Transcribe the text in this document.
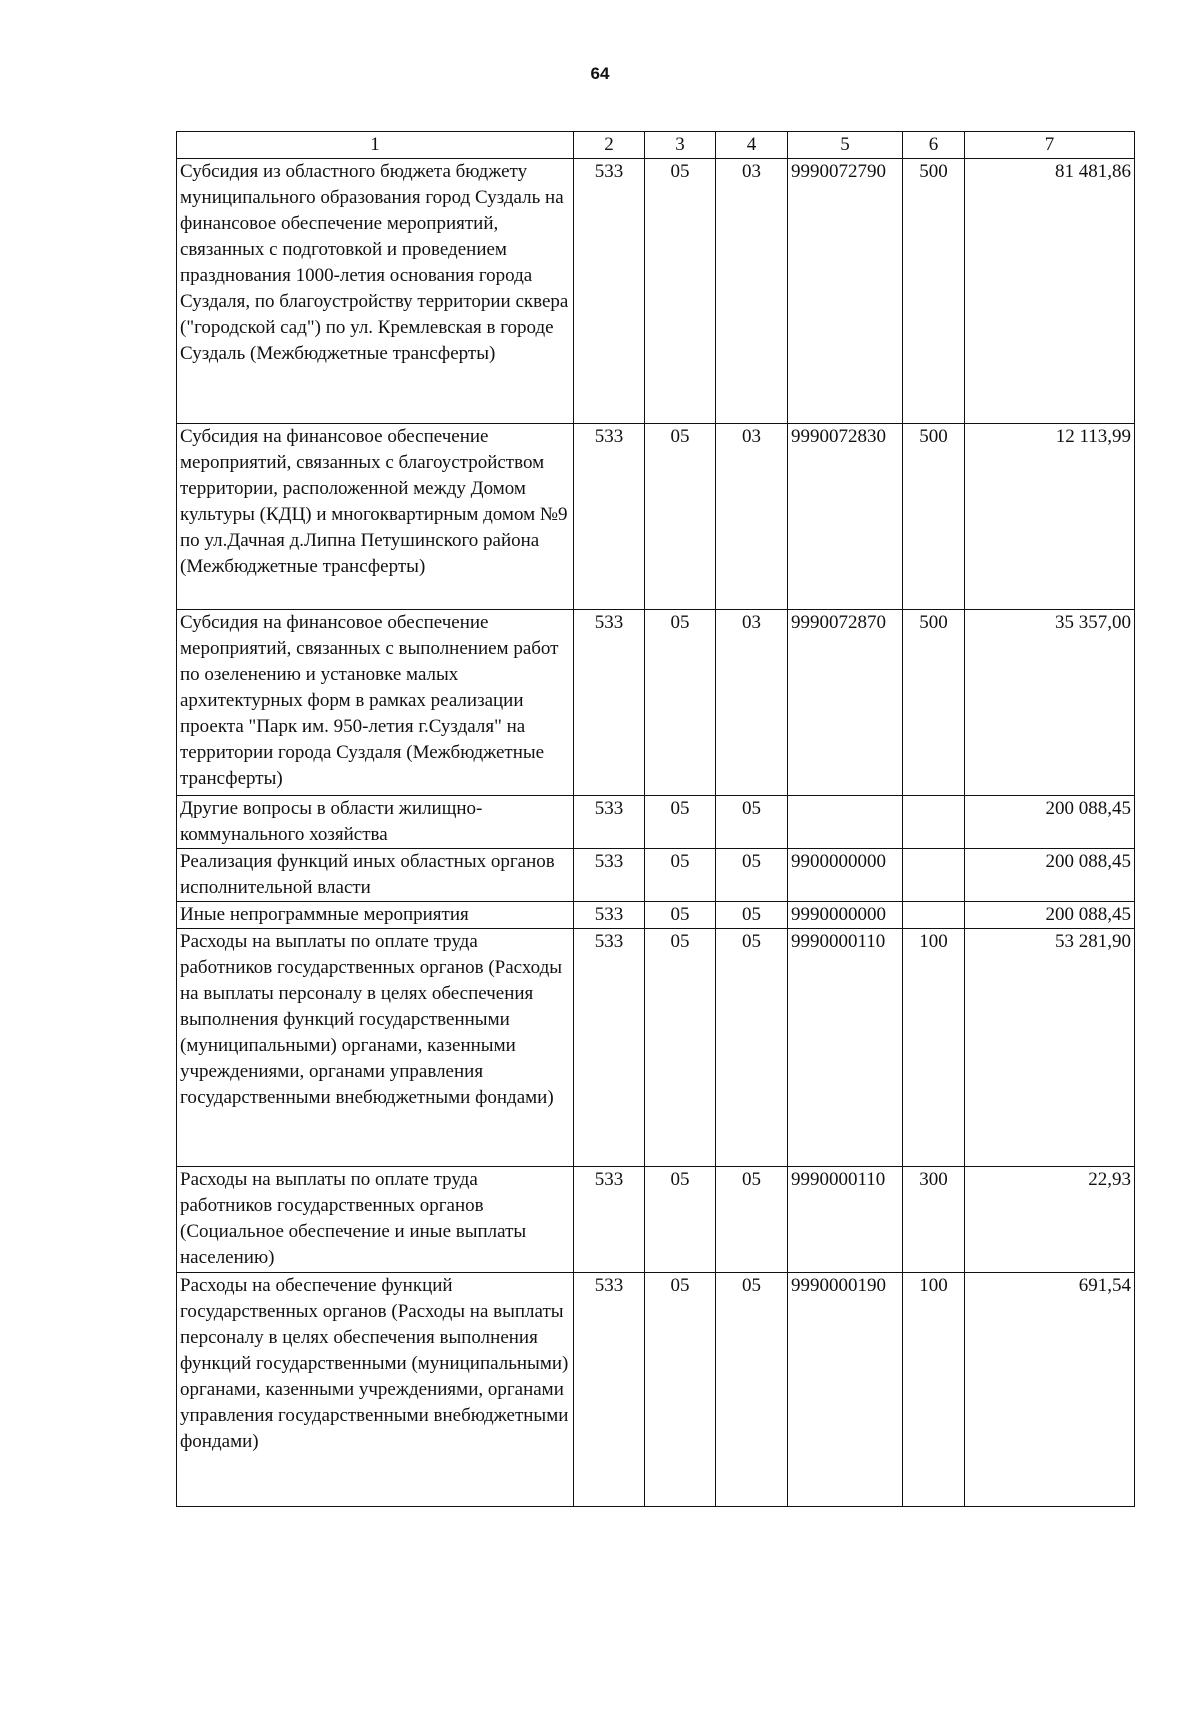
64
1	2	3	4	5	6	7
Субсидия из областного бюджета бюджету муниципального образования город Суздаль на финансовое обеспечение мероприятий, связанных с подготовкой и проведением празднования 1000-летия основания города Суздаля, по благоустройству территории сквера ("городской сад") по ул. Кремлевская в городе Суздаль (Межбюджетные трансферты)	533	05	03	9990072790	500	81 481,86
Субсидия на финансовое обеспечение мероприятий, связанных с благоустройством территории, расположенной между Домом культуры (КДЦ) и многоквартирным домом №9 по ул.Дачная д.Липна Петушинского района (Межбюджетные трансферты)	533	05	03	9990072830	500	12 113,99
Субсидия на финансовое обеспечение мероприятий, связанных с выполнением работ по озеленению и установке малых архитектурных форм в рамках реализации проекта "Парк им. 950-летия г.Суздаля" на территории города Суздаля (Межбюджетные трансферты)	533	05	03	9990072870	500	35 357,00
Другие вопросы в области жилищно-коммунального хозяйства	533	05	05			200 088,45
Реализация функций иных областных органов исполнительной власти	533	05	05	9900000000		200 088,45
Иные непрограммные мероприятия	533	05	05	9990000000		200 088,45
Расходы на выплаты по оплате труда работников государственных органов (Расходы на выплаты персоналу в целях обеспечения выполнения функций государственными (муниципальными) органами, казенными учреждениями, органами управления государственными внебюджетными фондами)	533	05	05	9990000110	100	53 281,90
Расходы на выплаты по оплате труда работников государственных органов (Социальное обеспечение и иные выплаты населению)	533	05	05	9990000110	300	22,93
Расходы на обеспечение функций государственных органов (Расходы на выплаты персоналу в целях обеспечения выполнения функций государственными (муниципальными) органами, казенными учреждениями, органами управления государственными внебюджетными фондами)	533	05	05	9990000190	100	691,54
